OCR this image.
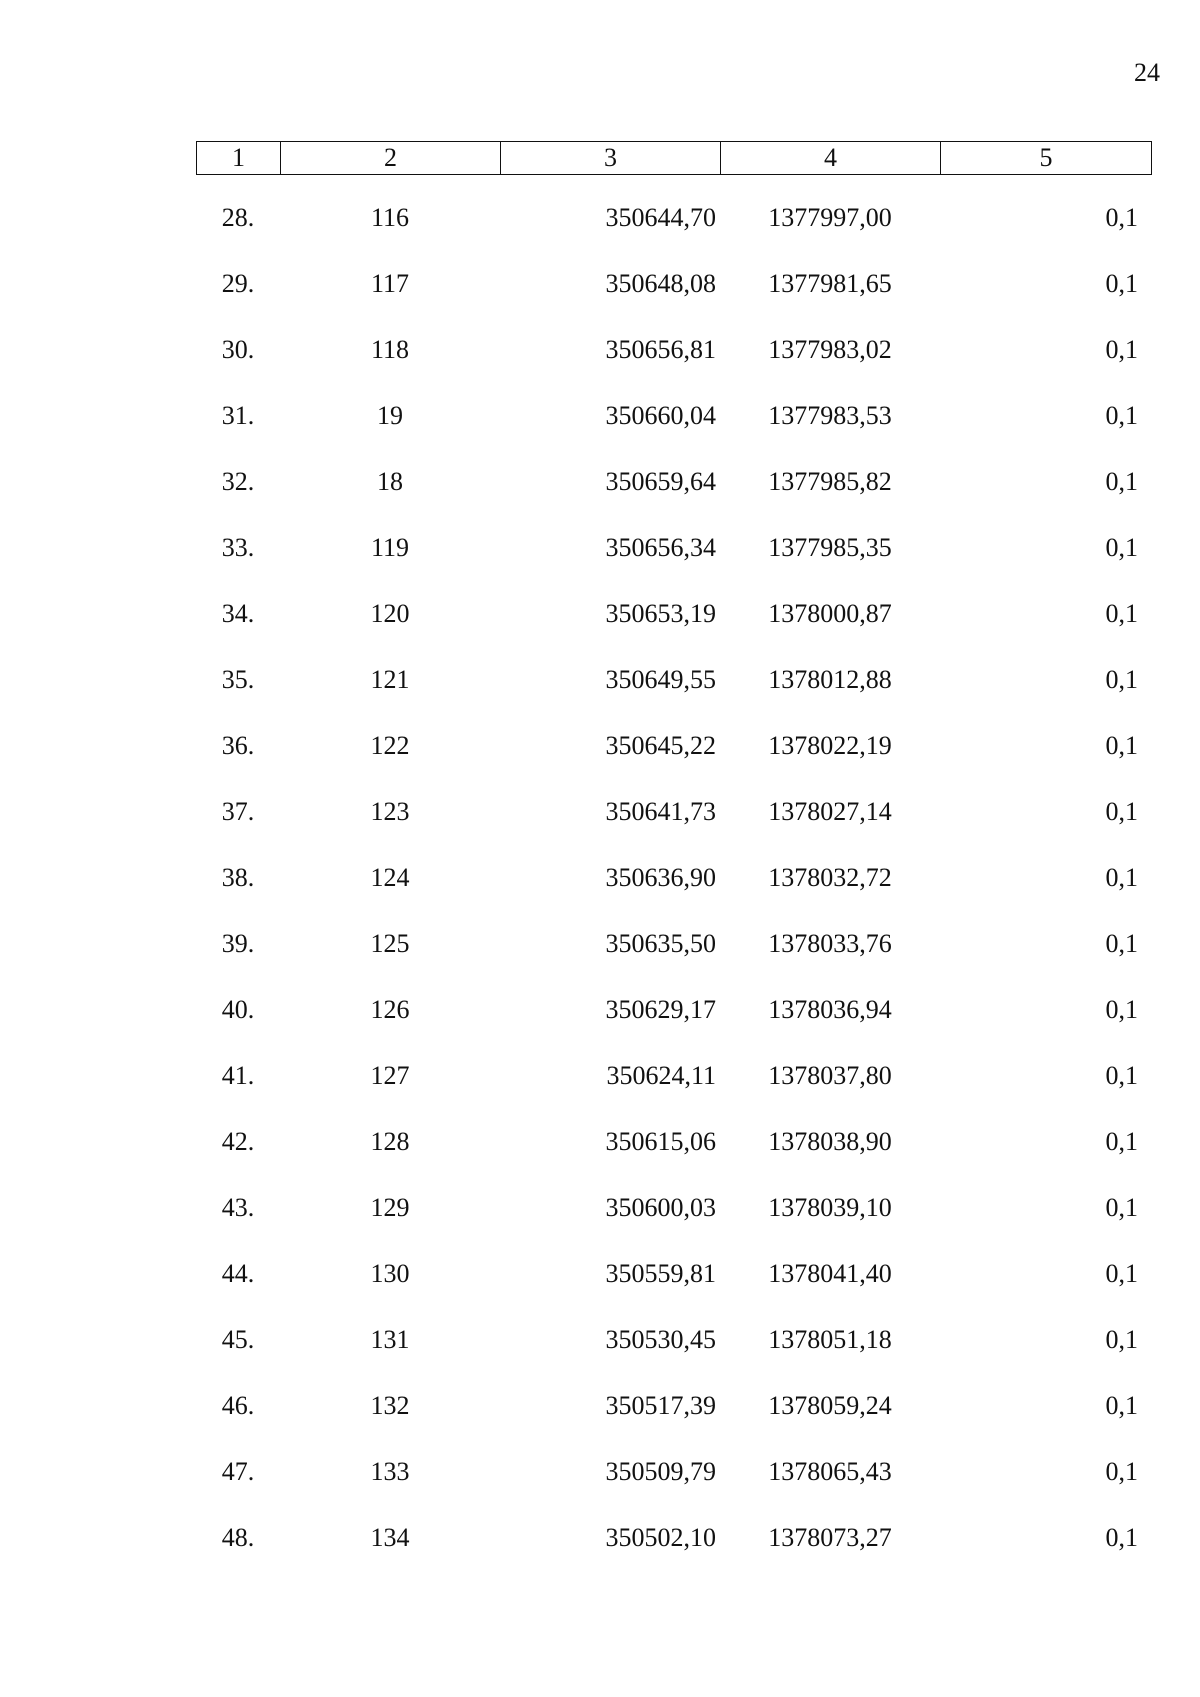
24
1	2	3	4	5
28.	116	350644,70	1377997,00	0,1
29.	117	350648,08	1377981,65	0,1
30.	118	350656,81	1377983,02	0,1
31.	19	350660,04	1377983,53	0,1
32.	18	350659,64	1377985,82	0,1
33.	119	350656,34	1377985,35	0,1
34.	120	350653,19	1378000,87	0,1
35.	121	350649,55	1378012,88	0,1
36.	122	350645,22	1378022,19	0,1
37.	123	350641,73	1378027,14	0,1
38.	124	350636,90	1378032,72	0,1
39.	125	350635,50	1378033,76	0,1
40.	126	350629,17	1378036,94	0,1
41.	127	350624,11	1378037,80	0,1
42.	128	350615,06	1378038,90	0,1
43.	129	350600,03	1378039,10	0,1
44.	130	350559,81	1378041,40	0,1
45.	131	350530,45	1378051,18	0,1
46.	132	350517,39	1378059,24	0,1
47.	133	350509,79	1378065,43	0,1
48.	134	350502,10	1378073,27	0,1
